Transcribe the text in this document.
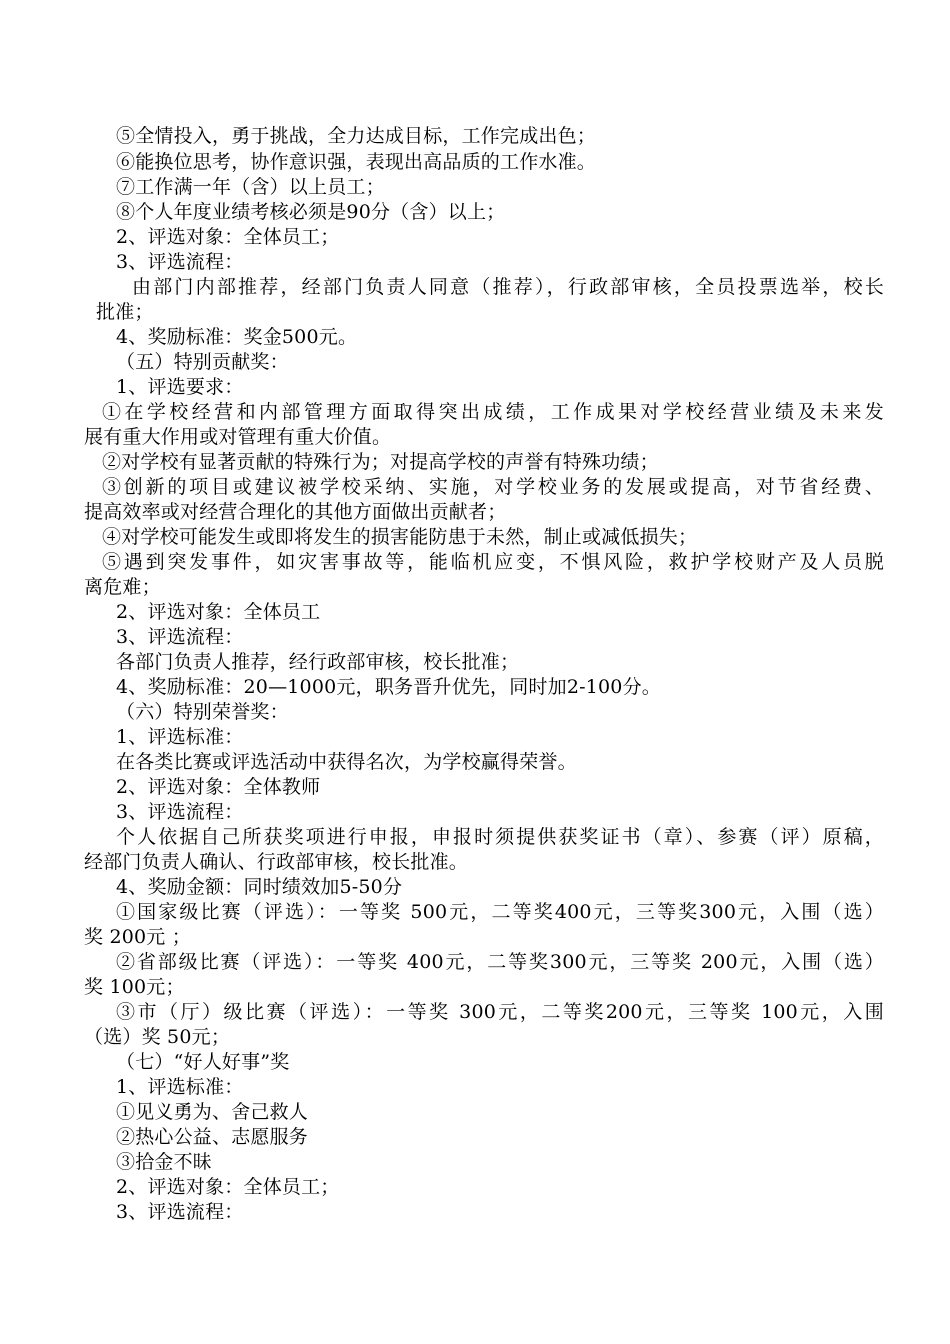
⑤全情投入，勇于挑战，全力达成目标，工作完成出色；
⑥能换位思考，协作意识强，表现出高品质的工作水准。
⑦工作满一年（含）以上员工；
⑧个人年度业绩考核必须是90分（含）以上；
2、评选对象：全体员工；
3、评选流程：
由部门内部推荐，经部门负责人同意（推荐），行政部审核，全员投票选举，校长
批准；
4、奖励标准：奖金500元。
（五）特别贡献奖：
1、评选要求：
①在学校经营和内部管理方面取得突出成绩，工作成果对学校经营业绩及未来发
展有重大作用或对管理有重大价值。
②对学校有显著贡献的特殊行为；对提高学校的声誉有特殊功绩；
③创新的项目或建议被学校采纳、实施，对学校业务的发展或提高，对节省经费、
提高效率或对经营合理化的其他方面做出贡献者；
④对学校可能发生或即将发生的损害能防患于未然，制止或减低损失；
⑤遇到突发事件，如灾害事故等，能临机应变，不惧风险，救护学校财产及人员脱
离危难；
2、评选对象：全体员工
3、评选流程：
各部门负责人推荐，经行政部审核，校长批准；
4、奖励标准：20—1000元，职务晋升优先，同时加2-100分。
（六）特别荣誉奖：
1、评选标准：
在各类比赛或评选活动中获得名次，为学校赢得荣誉。
2、评选对象：全体教师
3、评选流程：
个人依据自己所获奖项进行申报，申报时须提供获奖证书（章）、参赛（评）原稿，
经部门负责人确认、行政部审核，校长批准。
4、奖励金额：同时绩效加5-50分
①国家级比赛（评选）：一等奖 500元，二等奖400元，三等奖300元，入围（选）
奖 200元 ；
②省部级比赛（评选）：一等奖 400元，二等奖300元，三等奖 200元，入围（选）
奖 100元；
③市（厅）级比赛（评选）：一等奖 300元，二等奖200元，三等奖 100元，入围
（选）奖 50元；
（七）“好人好事”奖
1、评选标准：
①见义勇为、舍己救人
②热心公益、志愿服务
③拾金不昧
2、评选对象：全体员工；
3、评选流程：
